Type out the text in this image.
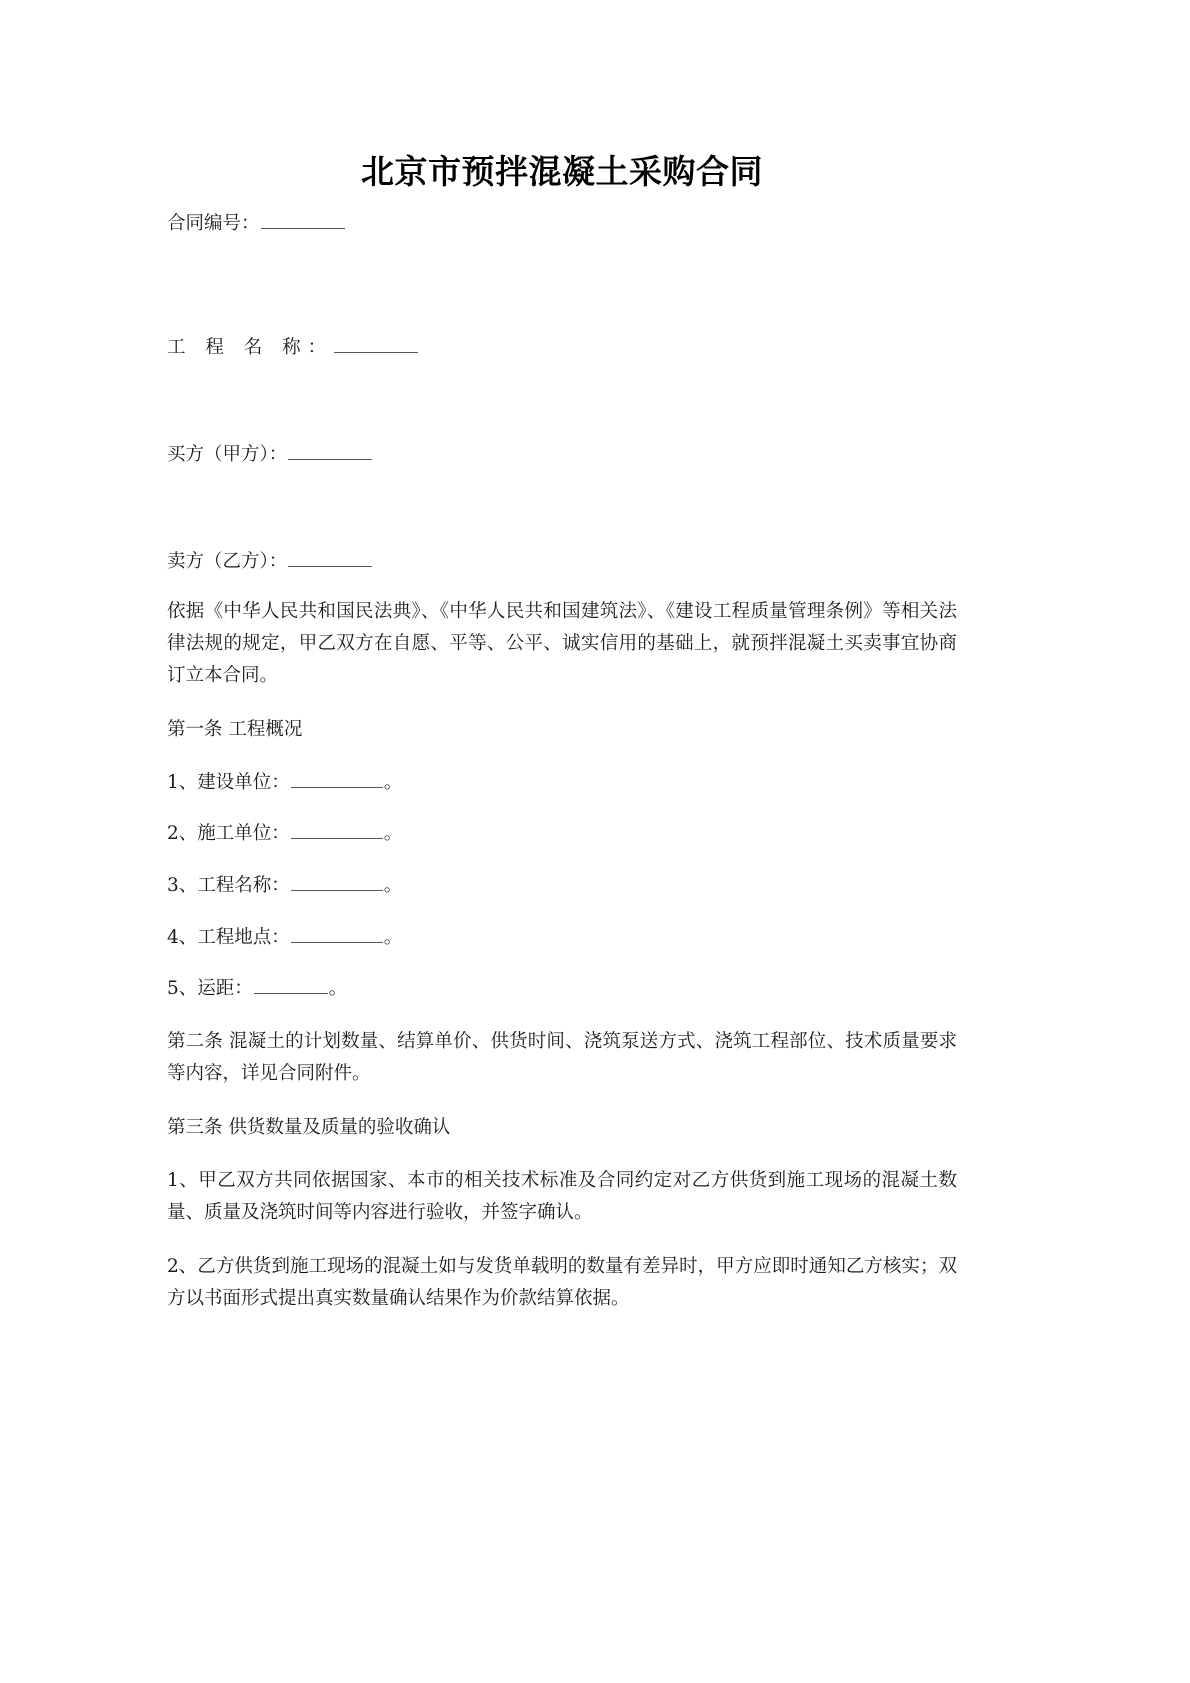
北京市预拌混凝土采购合同
合同编号：
工 程 名 称：
买方（甲方）：
卖方（乙方）：

依据《中华人民共和国民法典》、《中华人民共和国建筑法》、《建设工程质量管理条例》等相关法律法规的规定，甲乙双方在自愿、平等、公平、诚实信用的基础上，就预拌混凝土买卖事宜协商订立本合同。

第一条 工程概况
1、建设单位：	。
2、施工单位：	。
3、工程名称：	。
4、工程地点：	。
5、运距：	。

第二条 混凝土的计划数量、结算单价、供货时间、浇筑泵送方式、浇筑工程部位、技术质量要求等内容，详见合同附件。

第三条 供货数量及质量的验收确认

1、甲乙双方共同依据国家、本市的相关技术标准及合同约定对乙方供货到施工现场的混凝土数量、质量及浇筑时间等内容进行验收，并签字确认。

2、乙方供货到施工现场的混凝土如与发货单载明的数量有差异时，甲方应即时通知乙方核实；双方以书面形式提出真实数量确认结果作为价款结算依据。
